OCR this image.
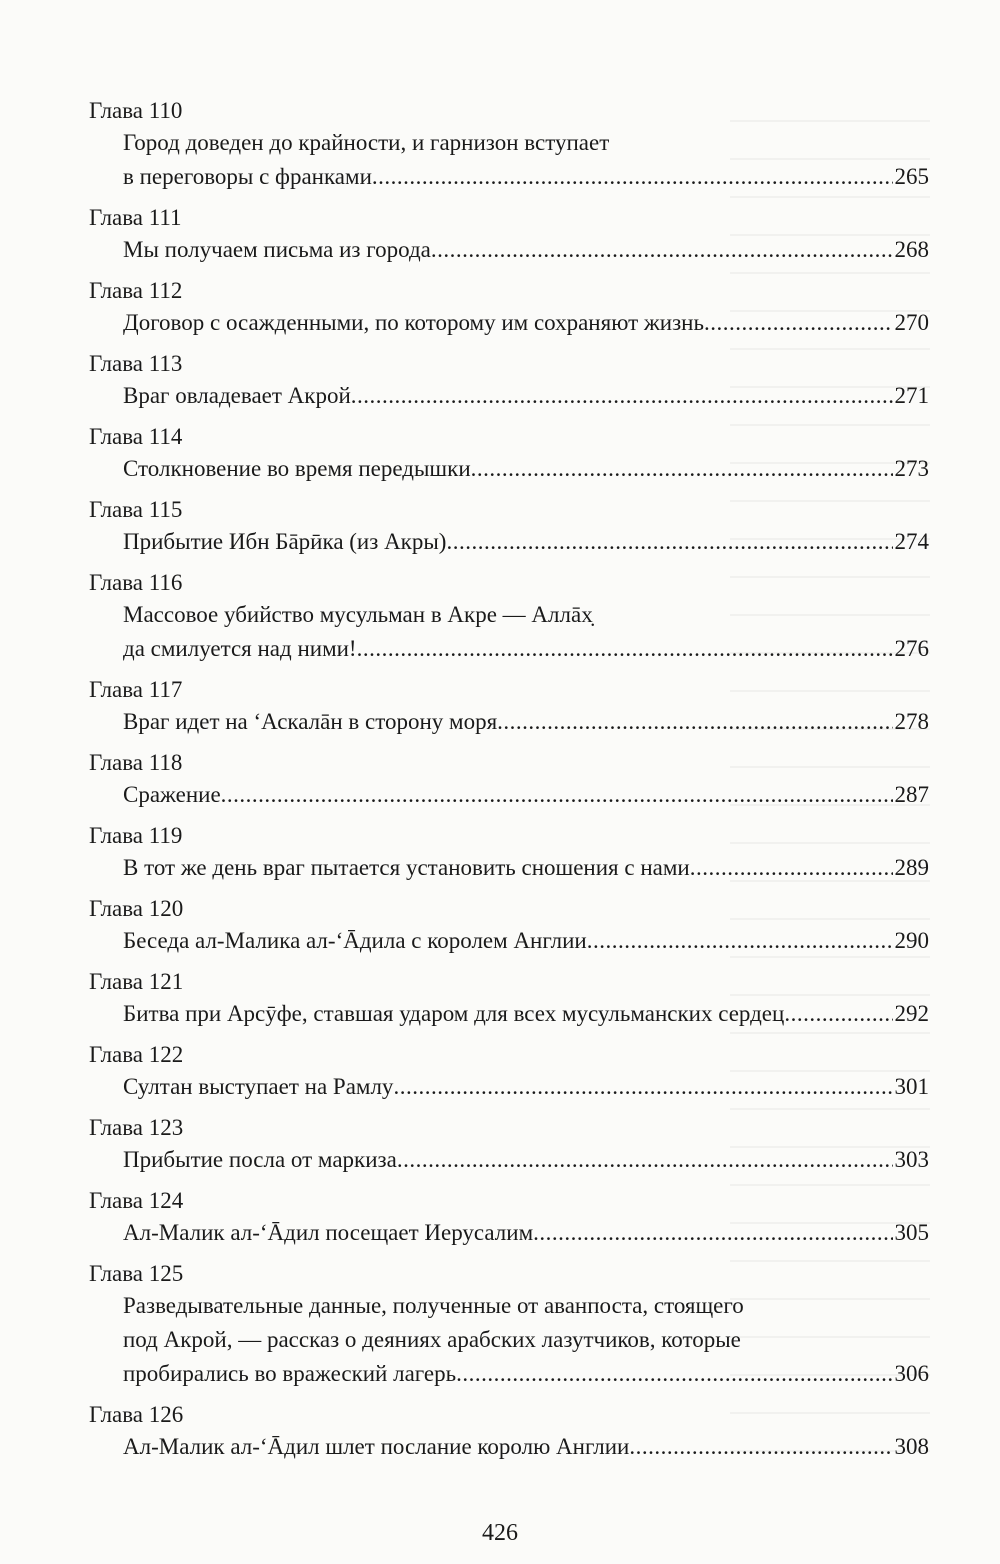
Глава 110
Город доведен до крайности, и гарнизон вступает
в переговоры с франками .....	265
Глава 111
Мы получаем письма из города .....	268
Глава 112
Договор с осажденными, по которому им сохраняют жизнь .....	270
Глава 113
Враг овладевает Акрой .....	271
Глава 114
Столкновение во время передышки .....	273
Глава 115
Прибытие Ибн Бāрӣка (из Акры) .....	274
Глава 116
Массовое убийство мусульман в Акре — Аллāх̣
да смилуется над ними! .....	276
Глава 117
Враг идет на ʻАскалāн в сторону моря .....	278
Глава 118
Сражение .....	287
Глава 119
В тот же день враг пытается установить сношения с нами .....	289
Глава 120
Беседа ал-Малика ал-ʻĀдила с королем Англии .....	290
Глава 121
Битва при Арсӯфе, ставшая ударом для всех мусульманских сердец .....	292
Глава 122
Султан выступает на Рамлу .....	301
Глава 123
Прибытие посла от маркиза .....	303
Глава 124
Ал-Малик ал-ʻĀдил посещает Иерусалим .....	305
Глава 125
Разведывательные данные, полученные от аванпоста, стоящего
под Акрой, — рассказ о деяниях арабских лазутчиков, которые
пробирались во вражеский лагерь .....	306
Глава 126
Ал-Малик ал-ʻĀдил шлет послание королю Англии .....	308
426
